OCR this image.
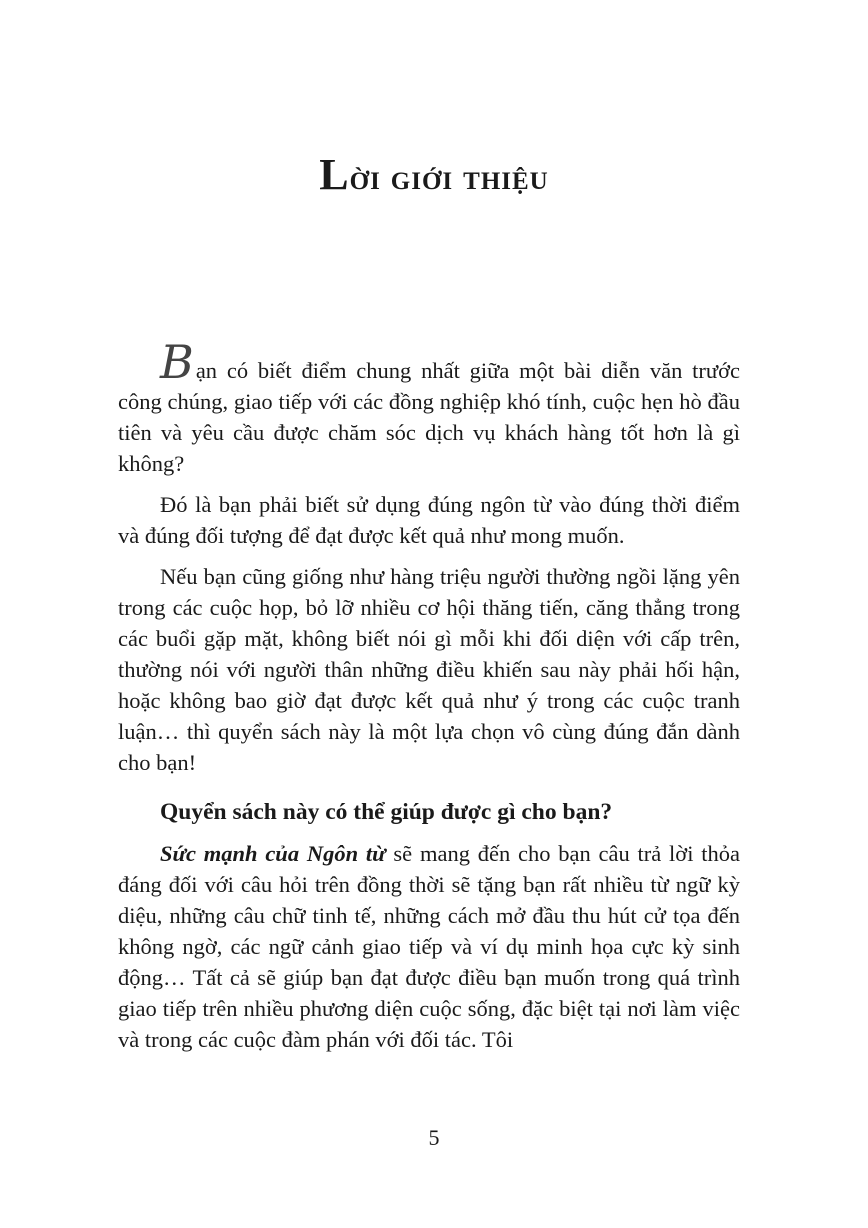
Lời giới thiệu

Bạn có biết điểm chung nhất giữa một bài diễn văn trước công chúng, giao tiếp với các đồng nghiệp khó tính, cuộc hẹn hò đầu tiên và yêu cầu được chăm sóc dịch vụ khách hàng tốt hơn là gì không?

Đó là bạn phải biết sử dụng đúng ngôn từ vào đúng thời điểm và đúng đối tượng để đạt được kết quả như mong muốn.

Nếu bạn cũng giống như hàng triệu người thường ngồi lặng yên trong các cuộc họp, bỏ lỡ nhiều cơ hội thăng tiến, căng thẳng trong các buổi gặp mặt, không biết nói gì mỗi khi đối diện với cấp trên, thường nói với người thân những điều khiến sau này phải hối hận, hoặc không bao giờ đạt được kết quả như ý trong các cuộc tranh luận… thì quyển sách này là một lựa chọn vô cùng đúng đắn dành cho bạn!

Quyển sách này có thể giúp được gì cho bạn?

Sức mạnh của Ngôn từ sẽ mang đến cho bạn câu trả lời thỏa đáng đối với câu hỏi trên đồng thời sẽ tặng bạn rất nhiều từ ngữ kỳ diệu, những câu chữ tinh tế, những cách mở đầu thu hút cử tọa đến không ngờ, các ngữ cảnh giao tiếp và ví dụ minh họa cực kỳ sinh động… Tất cả sẽ giúp bạn đạt được điều bạn muốn trong quá trình giao tiếp trên nhiều phương diện cuộc sống, đặc biệt tại nơi làm việc và trong các cuộc đàm phán với đối tác. Tôi

5
